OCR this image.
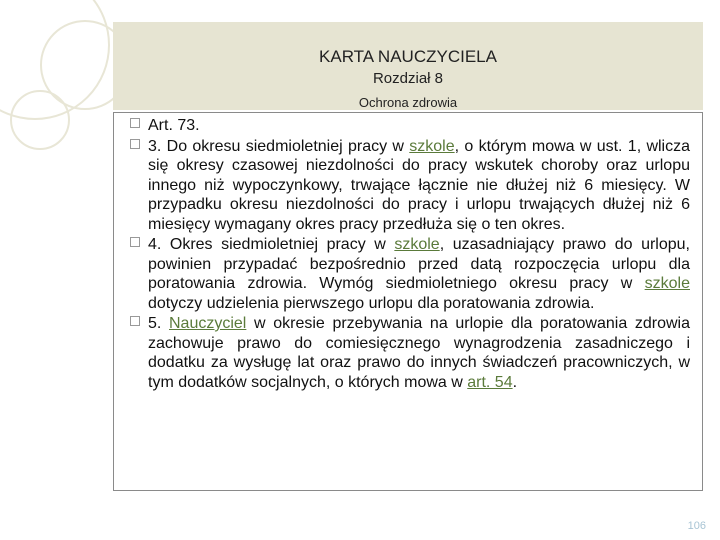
KARTA NAUCZYCIELA
Rozdział 8
Ochrona zdrowia
Art. 73.
3. Do okresu siedmioletniej pracy w szkole, o którym mowa w ust. 1, wlicza się okresy czasowej niezdolności do pracy wskutek choroby oraz urlopu innego niż wypoczynkowy, trwające łącznie nie dłużej niż 6 miesięcy. W przypadku okresu niezdolności do pracy i urlopu trwających dłużej niż 6 miesięcy wymagany okres pracy przedłuża się o ten okres.
4. Okres siedmioletniej pracy w szkole, uzasadniający prawo do urlopu, powinien przypadać bezpośrednio przed datą rozpoczęcia urlopu dla poratowania zdrowia. Wymóg siedmioletniego okresu pracy w szkole dotyczy udzielenia pierwszego urlopu dla poratowania zdrowia.
5. Nauczyciel w okresie przebywania na urlopie dla poratowania zdrowia zachowuje prawo do comiesięcznego wynagrodzenia zasadniczego i dodatku za wysługę lat oraz prawo do innych świadczeń pracowniczych, w tym dodatków socjalnych, o których mowa w art. 54.
106
